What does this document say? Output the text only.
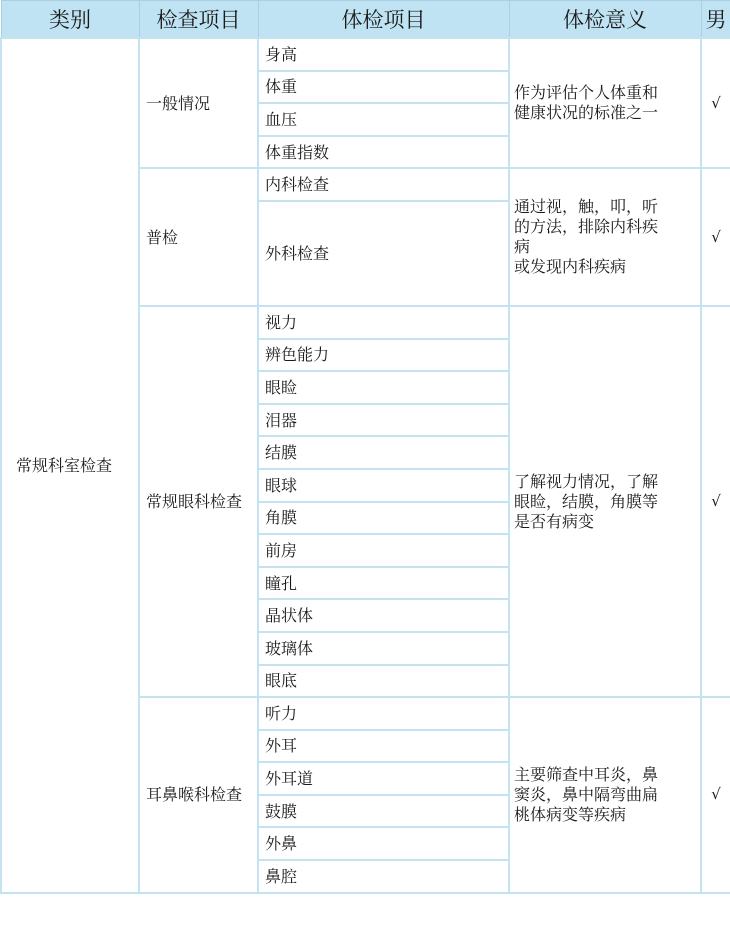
类别	检查项目	体检项目	体检意义	男
常规科室检查	一般情况	身高	作为评估个人体重和
健康状况的标准之一	√
		体重		
		血压		
		体重指数		
	普检	内科检查	通过视，触，叩，听
的方法，排除内科疾
病
或发现内科疾病	√
		外科检查		
	常规眼科检查	视力	了解视力情况，了解
眼睑，结膜，角膜等
是否有病变	√
		辨色能力		
		眼睑		
		泪器		
		结膜		
		眼球		
		角膜		
		前房		
		瞳孔		
		晶状体		
		玻璃体		
		眼底		
	耳鼻喉科检查	听力	主要筛查中耳炎，鼻
窦炎，鼻中隔弯曲扁
桃体病变等疾病	√
		外耳		
		外耳道		
		鼓膜		
		外鼻		
		鼻腔		
